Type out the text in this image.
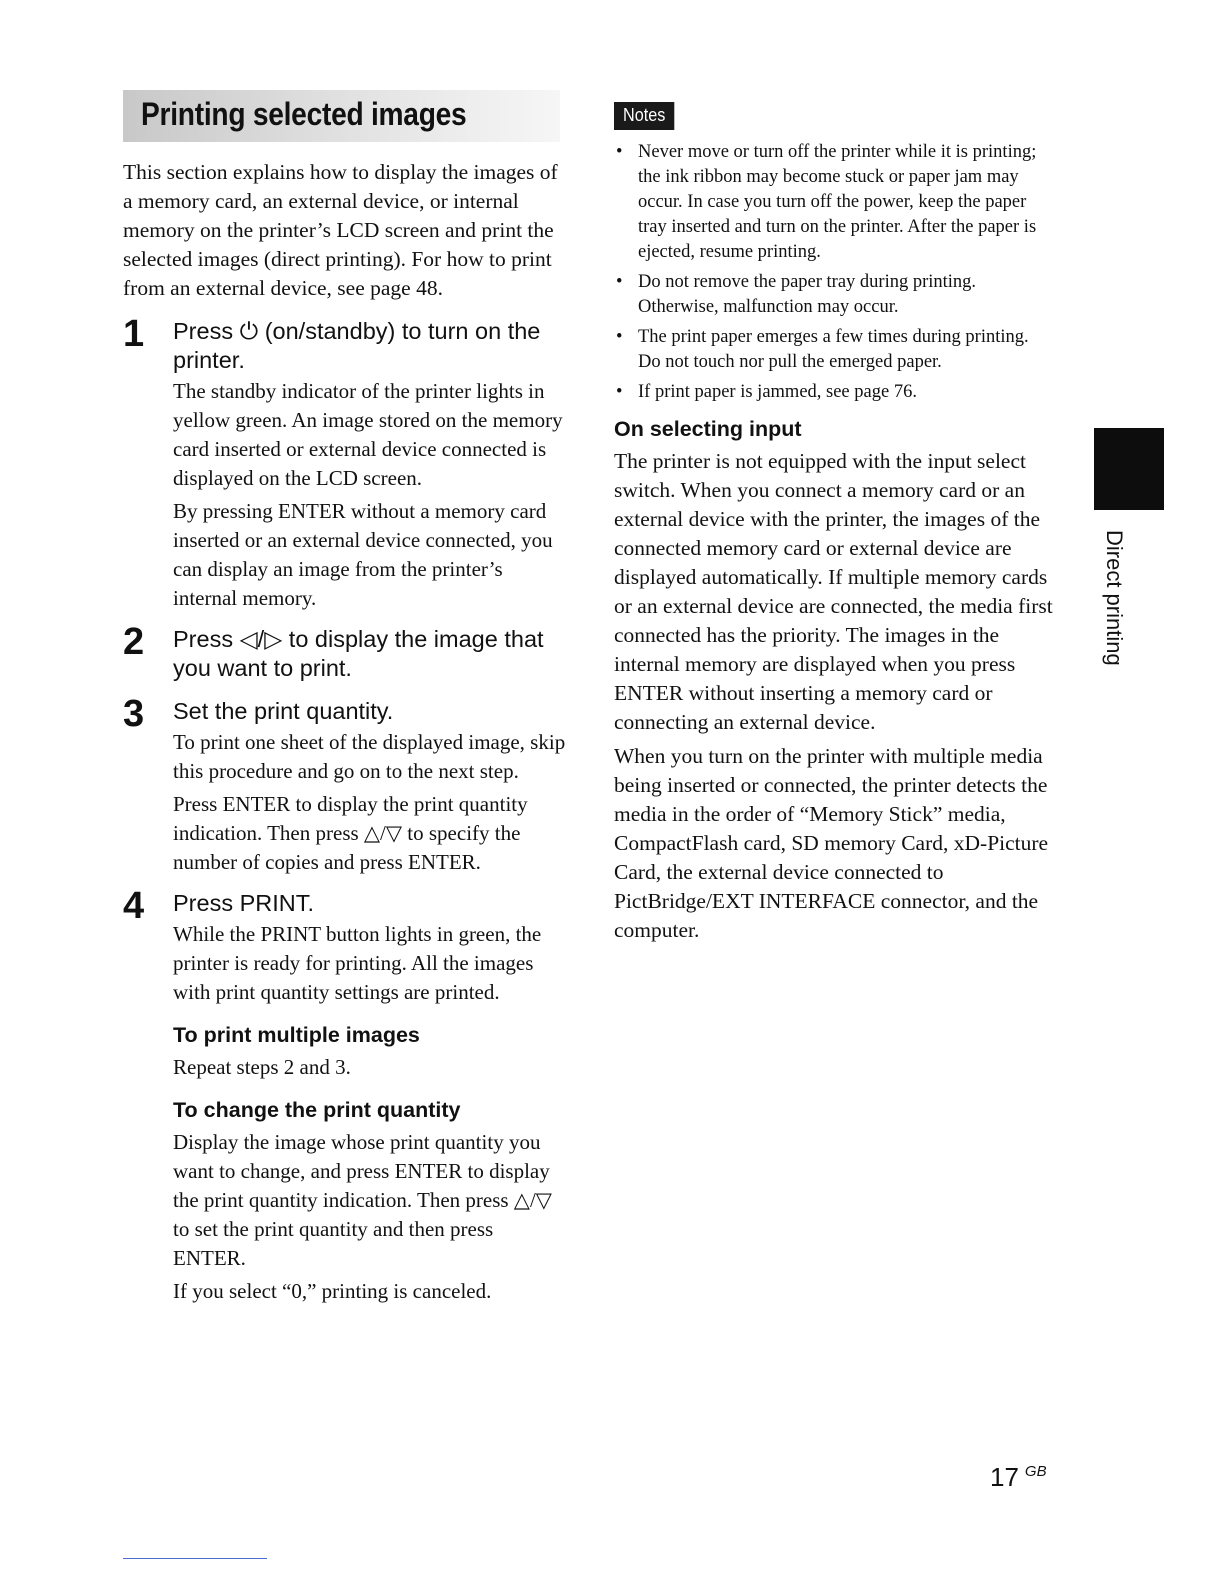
Printing selected images

This section explains how to display the images of a memory card, an external device, or internal memory on the printer’s LCD screen and print the selected images (direct printing). For how to print from an external device, see page 48.

1 Press ⏻ (on/standby) to turn on the printer.

The standby indicator of the printer lights in yellow green. An image stored on the memory card inserted or external device connected is displayed on the LCD screen.

By pressing ENTER without a memory card inserted or an external device connected, you can display an image from the printer’s internal memory.

2 Press ◁/▷ to display the image that you want to print.

3 Set the print quantity.

To print one sheet of the displayed image, skip this procedure and go on to the next step.

Press ENTER to display the print quantity indication. Then press △/▽ to specify the number of copies and press ENTER.

4 Press PRINT.

While the PRINT button lights in green, the printer is ready for printing. All the images with print quantity settings are printed.

To print multiple images

Repeat steps 2 and 3.

To change the print quantity

Display the image whose print quantity you want to change, and press ENTER to display the print quantity indication. Then press △/▽ to set the print quantity and then press ENTER.

If you select “0,” printing is canceled.

Notes
• Never move or turn off the printer while it is printing; the ink ribbon may become stuck or paper jam may occur. In case you turn off the power, keep the paper tray inserted and turn on the printer. After the paper is ejected, resume printing.
• Do not remove the paper tray during printing. Otherwise, malfunction may occur.
• The print paper emerges a few times during printing. Do not touch nor pull the emerged paper.
• If print paper is jammed, see page 76.
On selecting input

The printer is not equipped with the input select switch. When you connect a memory card or an external device with the printer, the images of the connected memory card or external device are displayed automatically. If multiple memory cards or an external device are connected, the media first connected has the priority. The images in the internal memory are displayed when you press ENTER without inserting a memory card or connecting an external device.

When you turn on the printer with multiple media being inserted or connected, the printer detects the media in the order of “Memory Stick” media, CompactFlash card, SD memory Card, xD-Picture Card, the external device connected to PictBridge/EXT INTERFACE connector, and the computer.

Direct printing
17 $^{GB}$
